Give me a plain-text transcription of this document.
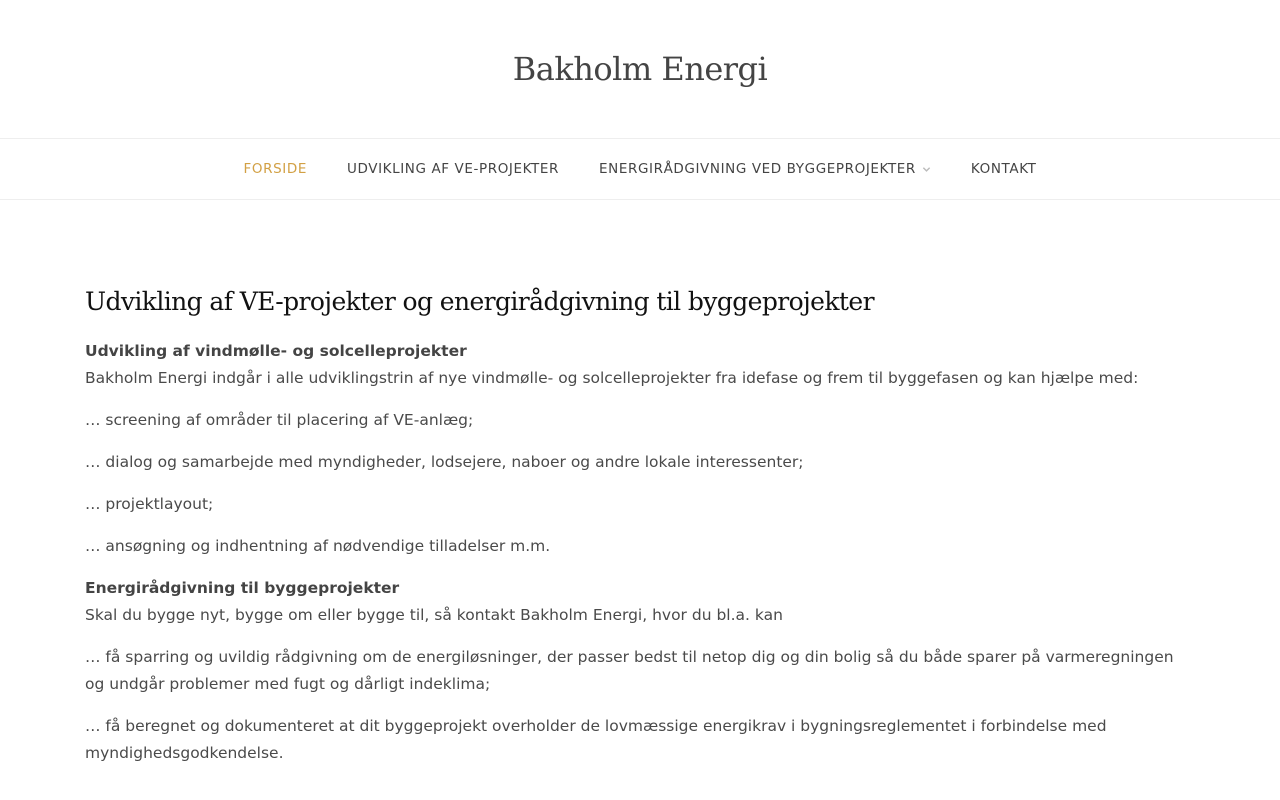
Bakholm Energi
FORSIDE	UDVIKLING AF VE-PROJEKTER	ENERGIRÅDGIVNING VED BYGGEPROJEKTER	KONTAKT
Udvikling af VE-projekter og energirådgivning til byggeprojekter

Udvikling af vindmølle- og solcelleprojekter
Bakholm Energi indgår i alle udviklingstrin af nye vindmølle- og solcelleprojekter fra idefase og frem til byggefasen og kan hjælpe med:

… screening af områder til placering af VE-anlæg;

… dialog og samarbejde med myndigheder, lodsejere, naboer og andre lokale interessenter;

… projektlayout;

… ansøgning og indhentning af nødvendige tilladelser m.m.

Energirådgivning til byggeprojekter
Skal du bygge nyt, bygge om eller bygge til, så kontakt Bakholm Energi, hvor du bl.a. kan

… få sparring og uvildig rådgivning om de energiløsninger, der passer bedst til netop dig og din bolig så du både sparer på varmeregningen og undgår problemer med fugt og dårligt indeklima;

… få beregnet og dokumenteret at dit byggeprojekt overholder de lovmæssige energikrav i bygningsreglementet i forbindelse med myndighedsgodkendelse.
